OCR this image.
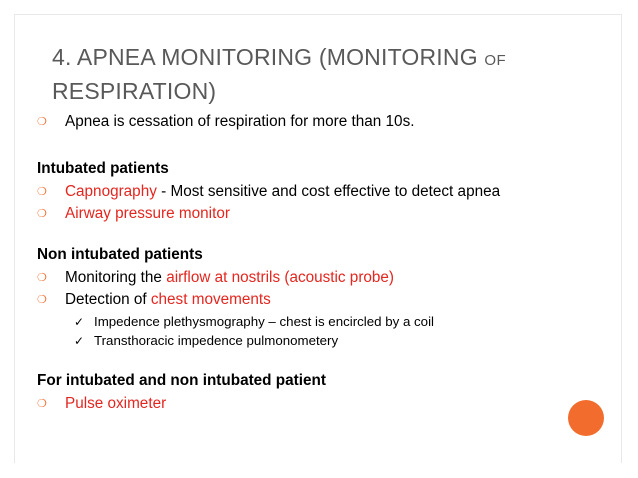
4. APNEA MONITORING (MONITORING OF
RESPIRATION)
❍ Apnea is cessation of respiration for more than 10s.
Intubated patients
❍ Capnography - Most sensitive and cost effective to detect apnea
❍ Airway pressure monitor
Non intubated patients
❍ Monitoring the airflow at nostrils (acoustic probe)
❍ Detection of chest movements
✓ Impedence plethysmography – chest is encircled by a coil
✓ Transthoracic impedence pulmonometery
For intubated and non intubated patient
❍ Pulse oximeter
